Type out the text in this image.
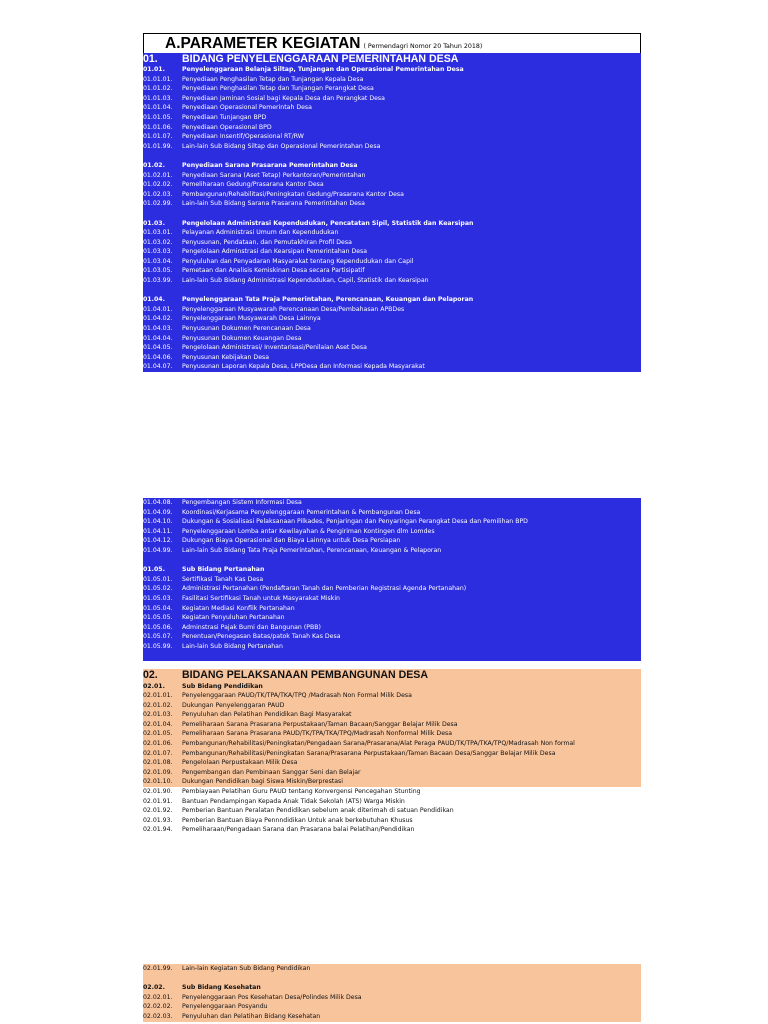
A.PARAMETER KEGIATAN ( Permendagri Nomor 20 Tahun 2018)
01.	BIDANG PENYELENGGARAAN PEMERINTAHAN DESA
01.01.	Penyelenggaraan Belanja Siltap, Tunjangan dan Operasional Pemerintahan Desa
01.01.01.	Penyediaan Penghasilan Tetap dan Tunjangan Kepala Desa
01.01.02.	Penyediaan Penghasilan Tetap dan Tunjangan Perangkat Desa
01.01.03.	Penyediaan Jaminan Sosial bagi Kepala Desa dan Perangkat Desa
01.01.04.	Penyediaan Operasional Pemerintah Desa
01.01.05.	Penyediaan Tunjangan BPD
01.01.06.	Penyediaan Operasional BPD
01.01.07.	Penyediaan Insentif/Operasional RT/RW
01.01.99.	Lain-lain Sub Bidang Siltap dan Operasional Pemerintahan Desa
01.02.	Penyediaan Sarana Prasarana Pemerintahan Desa
01.02.01.	Penyediaan Sarana (Aset Tetap) Perkantoran/Pemerintahan
01.02.02.	Pemeliharaan Gedung/Prasarana Kantor Desa
01.02.03.	Pembangunan/Rehabilitasi/Peningkatan Gedung/Prasarana Kantor Desa
01.02.99.	Lain-lain Sub Bidang Sarana Prasarana Pemerintahan Desa
01.03.	Pengelolaan Administrasi Kependudukan, Pencatatan Sipil, Statistik dan Kearsipan
01.03.01.	Pelayanan Administrasi Umum dan Kependudukan
01.03.02.	Penyusunan, Pendataan, dan Pemutakhiran Profil Desa
01.03.03.	Pengelolaan Adminstrasi dan Kearsipan Pemerintahan Desa
01.03.04.	Penyuluhan dan Penyadaran Masyarakat tentang Kependudukan dan Capil
01.03.05.	Pemetaan dan Analisis Kemiskinan Desa secara Partisipatif
01.03.99.	Lain-lain Sub Bidang Administrasi Kependudukan, Capil, Statistik dan Kearsipan
01.04.	Penyelenggaraan Tata Praja Pemerintahan, Perencanaan, Keuangan dan Pelaporan
01.04.01.	Penyelenggaraan Musyawarah Perencanaan Desa/Pembahasan APBDes
01.04.02.	Penyelenggaraan Musyawarah Desa Lainnya
01.04.03.	Penyusunan Dokumen Perencanaan Desa
01.04.04.	Penyusunan Dokumen Keuangan Desa
01.04.05.	Pengelolaan Administrasi/ Inventarisasi/Penilaian Aset Desa
01.04.06.	Penyusunan Kebijakan Desa
01.04.07.	Penyusunan Laporan Kepala Desa, LPPDesa dan Informasi Kepada Masyarakat
01.04.08.	Pengembangan Sistem Informasi Desa
01.04.09.	Koordinasi/Kerjasama Penyelenggaraan Pemerintahan & Pembangunan Desa
01.04.10.	Dukungan & Sosialisasi Pelaksanaan Pilkades, Penjaringan dan Penyaringan Perangkat Desa dan Pemilihan BPD
01.04.11.	Penyelenggaraan Lomba antar Kewilayahan & Pengiriman Kontingen dlm Lomdes
01.04.12.	Dukungan Biaya Operasional dan Biaya Lainnya untuk Desa Persiapan
01.04.99.	Lain-lain Sub Bidang Tata Praja Pemerintahan, Perencanaan, Keuangan & Pelaporan
01.05.	Sub Bidang Pertanahan
01.05.01.	Sertifikasi Tanah Kas Desa
01.05.02.	Administrasi Pertanahan (Pendaftaran Tanah dan Pemberian Registrasi Agenda Pertanahan)
01.05.03.	Fasilitasi Sertifikasi Tanah untuk Masyarakat Miskin
01.05.04.	Kegiatan Mediasi Konflik Pertanahan
01.05.05.	Kegiatan Penyuluhan Pertanahan
01.05.06.	Adminstrasi Pajak Bumi dan Bangunan (PBB)
01.05.07.	Penentuan/Penegasan Batas/patok Tanah Kas Desa
01.05.99.	Lain-lain Sub Bidang Pertanahan
02.	BIDANG PELAKSANAAN PEMBANGUNAN DESA
02.01.	Sub Bidang Pendidikan
02.01.01.	Penyelenggaraan PAUD/TK/TPA/TKA/TPQ /Madrasah Non Formal Milik Desa
02.01.02.	Dukungan Penyelenggaran PAUD
02.01.03.	Penyuluhan dan Pelatihan Pendidikan Bagi Masyarakat
02.01.04.	Pemeliharaan Sarana Prasarana Perpustakaan/Taman Bacaan/Sanggar Belajar Milik Desa
02.01.05.	Pemeliharaan Sarana Prasarana PAUD/TK/TPA/TKA/TPQ/Madrasah Nonformal Milik Desa
02.01.06.	Pembangunan/Rehabilitasi/Peningkatan/Pengadaan Sarana/Prasarana/Alat Peraga PAUD/TK/TPA/TKA/TPQ/Madrasah Non formal
02.01.07.	Pembangunan/Rehabilitasi/Peningkatan Sarana/Prasarana Perpustakaan/Taman Bacaan Desa/Sanggar Belajar Milik Desa
02.01.08.	Pengelolaan Perpustakaan Milik Desa
02.01.09.	Pengembangan dan Pembinaan Sanggar Seni dan Belajar
02.01.10.	Dukungan Pendidikan bagi Siswa Miskin/Berprestasi
02.01.90.	Pembiayaan Pelatihan Guru PAUD tentang Konvergensi Pencegahan Stunting
02.01.91.	Bantuan Pendampingan Kepada Anak Tidak Sekolah (ATS) Warga Miskin
02.01.92.	Pemberian Bantuan Peralatan Pendidikan sebelum anak diterimah di satuan Pendidikan
02.01.93.	Pemberian Bantuan Biaya Pennndidikan Untuk anak berkebutuhan Khusus
02.01.94.	Pemeliharaan/Pengadaan Sarana dan Prasarana balai Pelatihan/Pendidikan
02.01.99.	Lain-lain Kegiatan Sub Bidang Pendidikan
02.02.	Sub Bidang Kesehatan
02.02.01.	Penyelenggaraan Pos Kesehatan Desa/Polindes Milik Desa
02.02.02.	Penyelenggaraan Posyandu
02.02.03.	Penyuluhan dan Pelatihan Bidang Kesehatan
